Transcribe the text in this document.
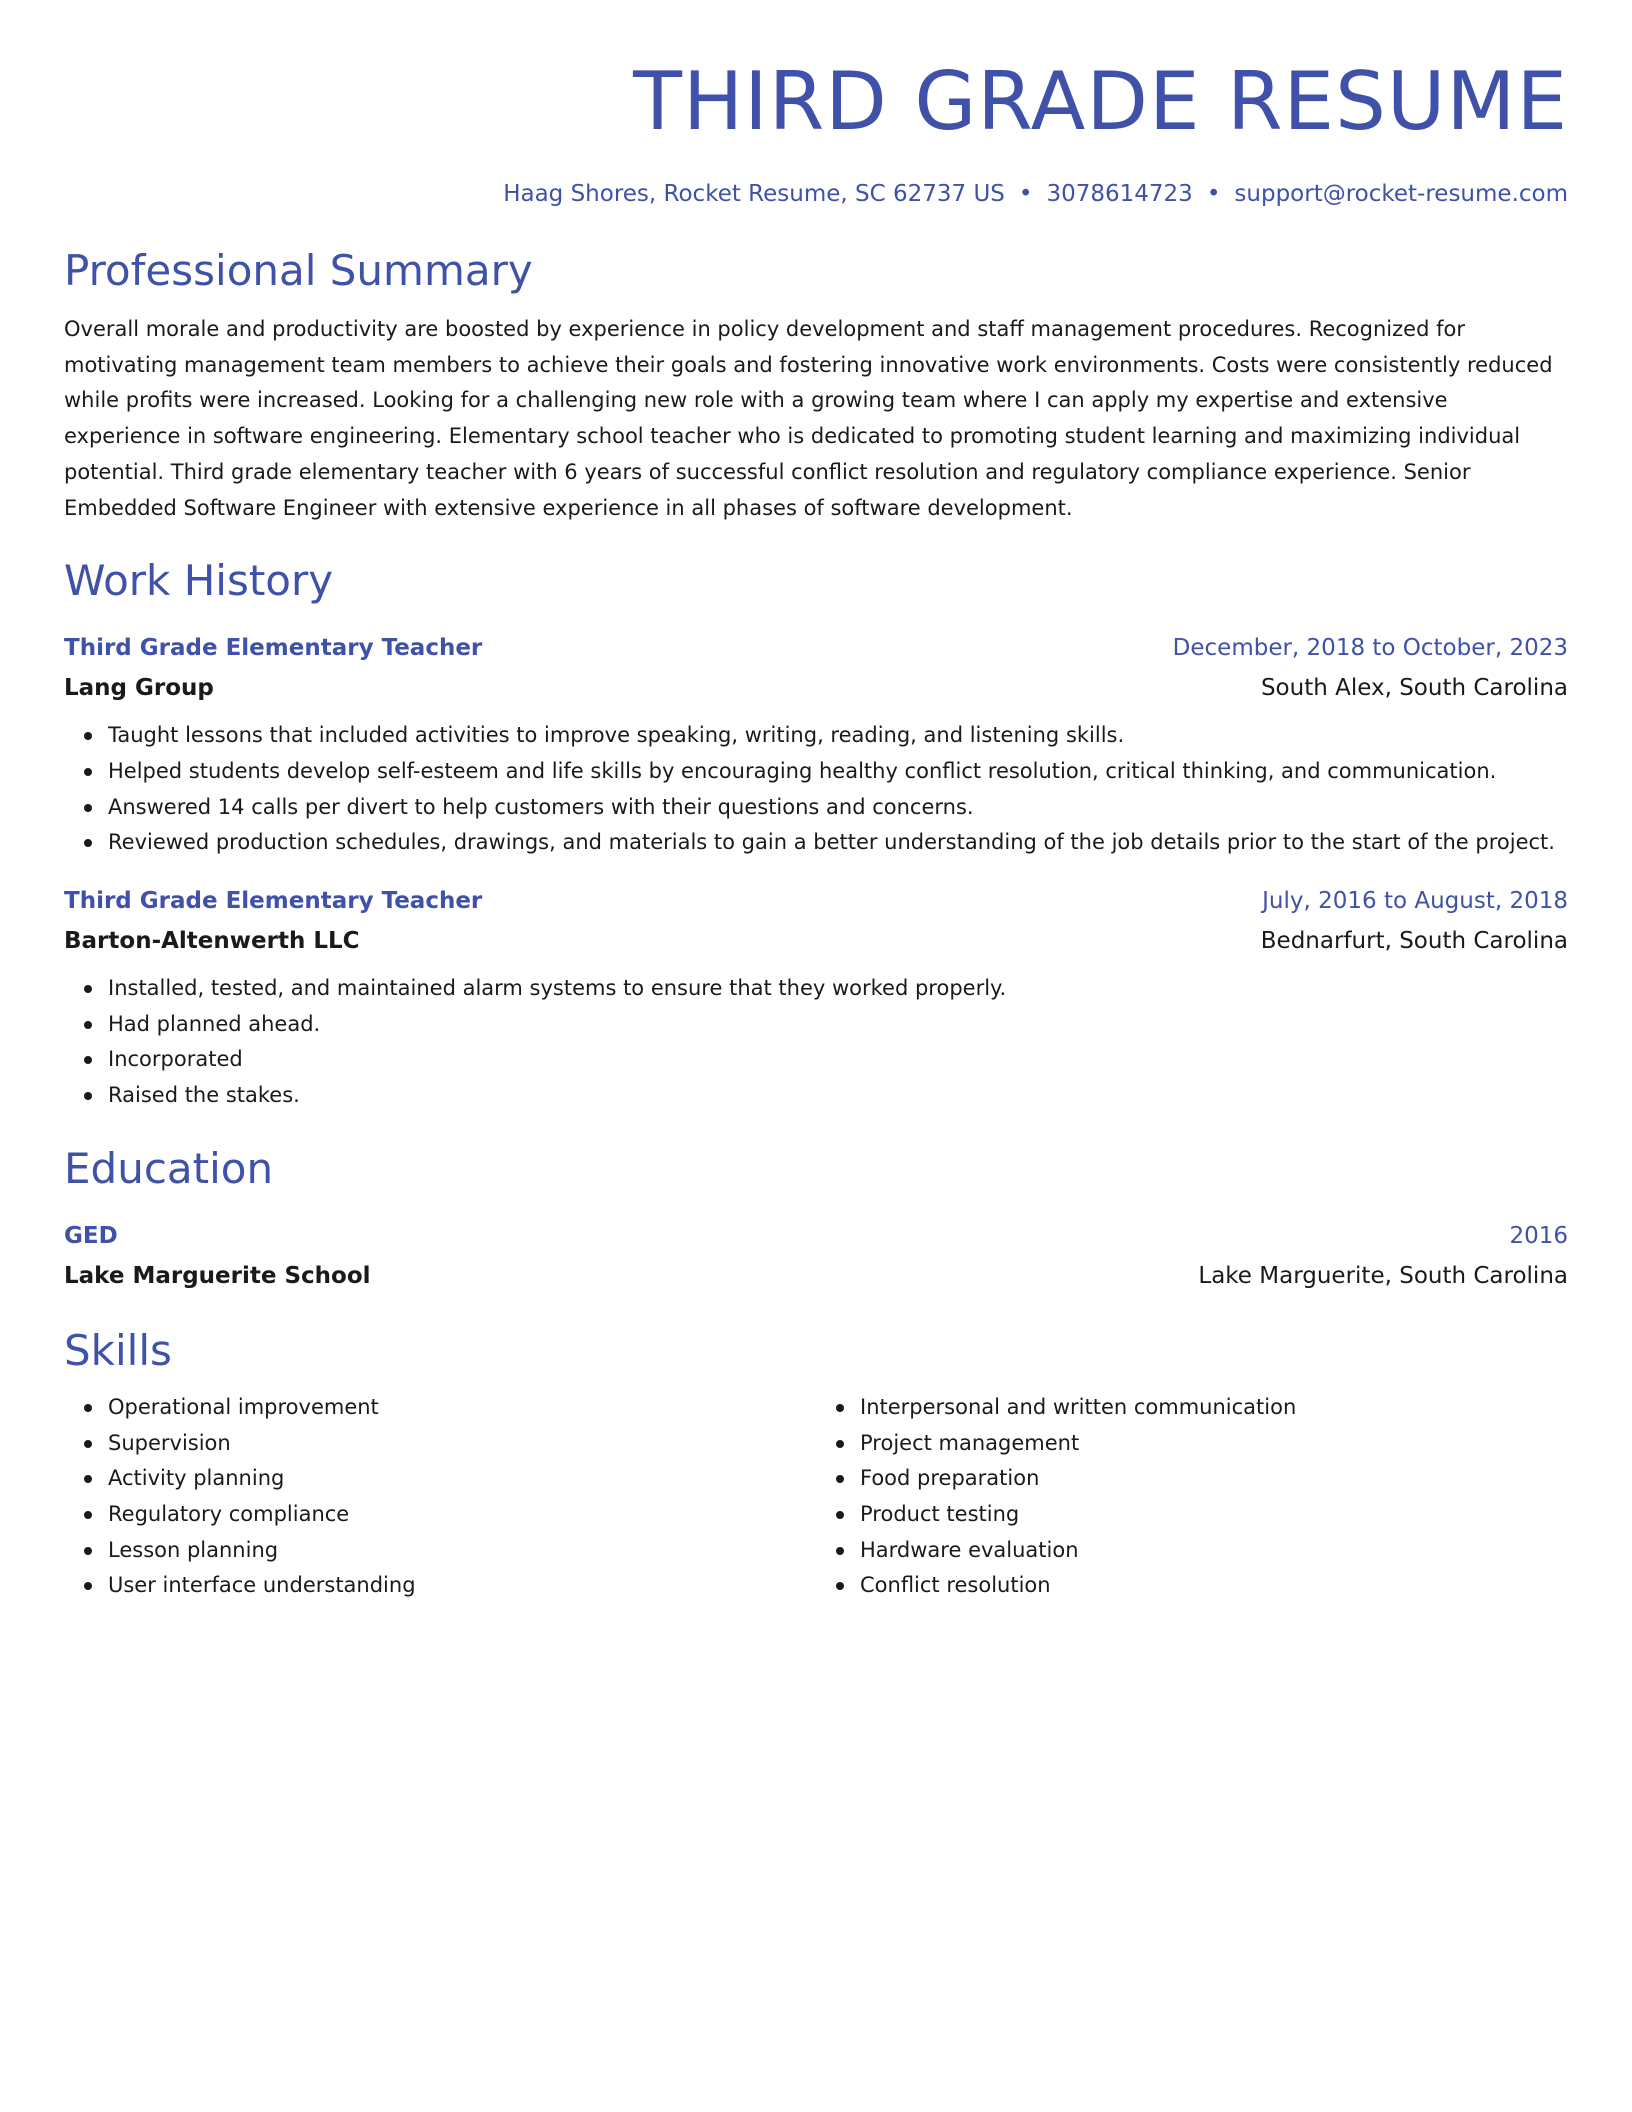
THIRD GRADE RESUME
Haag Shores, Rocket Resume, SC 62737 US • 3078614723 • support@rocket-resume.com
Professional Summary
Overall morale and productivity are boosted by experience in policy development and staff management procedures. Recognized for motivating management team members to achieve their goals and fostering innovative work environments. Costs were consistently reduced while profits were increased. Looking for a challenging new role with a growing team where I can apply my expertise and extensive experience in software engineering. Elementary school teacher who is dedicated to promoting student learning and maximizing individual potential. Third grade elementary teacher with 6 years of successful conflict resolution and regulatory compliance experience. Senior Embedded Software Engineer with extensive experience in all phases of software development.
Work History
Third Grade Elementary Teacher	December, 2018 to October, 2023
Lang Group	South Alex, South Carolina
Taught lessons that included activities to improve speaking, writing, reading, and listening skills.
Helped students develop self-esteem and life skills by encouraging healthy conflict resolution, critical thinking, and communication.
Answered 14 calls per divert to help customers with their questions and concerns.
Reviewed production schedules, drawings, and materials to gain a better understanding of the job details prior to the start of the project.
Third Grade Elementary Teacher	July, 2016 to August, 2018
Barton-Altenwerth LLC	Bednarfurt, South Carolina
Installed, tested, and maintained alarm systems to ensure that they worked properly.
Had planned ahead.
Incorporated
Raised the stakes.
Education
GED	2016
Lake Marguerite School	Lake Marguerite, South Carolina
Skills
Operational improvement
Supervision
Activity planning
Regulatory compliance
Lesson planning
User interface understanding
Interpersonal and written communication
Project management
Food preparation
Product testing
Hardware evaluation
Conflict resolution
